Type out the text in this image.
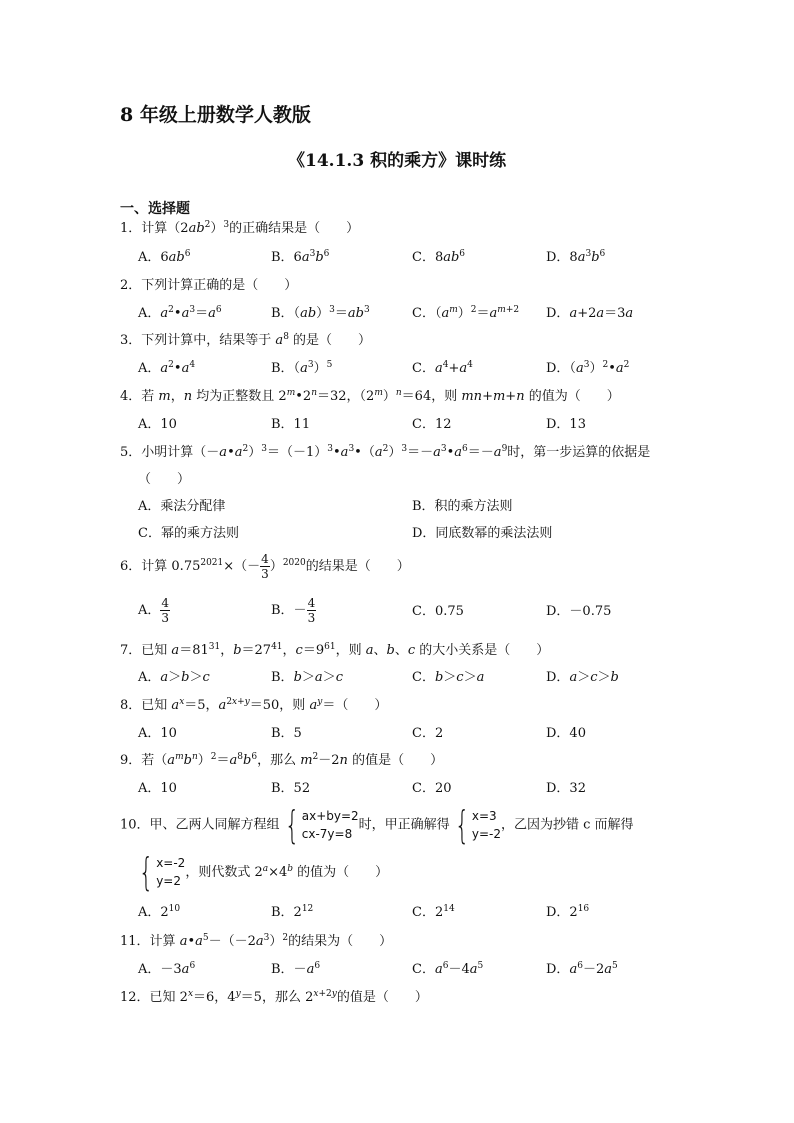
8 年级上册数学人教版
《14.1.3 积的乘方》课时练
一、选择题
1．计算$(2ab^2)^3$的正确结果是（　　）
A．$6ab^6$	B．$6a^3b^6$	C．$8ab^6$	D．$8a^3b^6$
2．下列计算正确的是（　　）
A．$a^2•a^3=a^6$	B．$(ab)^3=ab^3$	C．$(a^m)^2=a^{m+2}$ D．a+2a＝3a
3．下列计算中，结果等于 $a^8$ 的是（　　）
A．$a^2•a^4$	B．$(a^3)^5$	C．$a^4+a^4$	D．$(a^3)^2•a^2$
4．若 m，n 均为正整数且 $2^m•2^n=32$，$(2^m)^n=64$，则 mn+m+n 的值为（　　）
A．10	B．11	C．12	D．13
5．小明计算$(-a•a^2)^3=(-1)^3•a^3•(a^2)^3=-a^3•a^6=-a^9$时，第一步运算的依据是
（　　）
A．乘法分配律	B．积的乘方法则
C．幂的乘方法则	D．同底数幂的乘法法则
6．计算 $0.75^{2021}\times(- \frac{4}{3} )^{2020}$的结果是（　　）
A． $\frac{4}{3}$	B．－ $\frac{4}{3}$	C．0.75	D．－0.75
7．已知 $a=81^{31}$，$b=27^{41}$，$c=9^{61}$，则 a、b、c 的大小关系是（　　）
A．a＞b＞c	B．b＞a＞c	C．b＞c＞a	D．a＞c＞b
8．已知 $a^x=5$，$a^{2x+y}=50$，则 $a^y=$（　　）
A．10	B．5	C．2	D．40
9．若$(a^mb^n)^2=a^8b^6$，那么 $m^2-2n$ 的值是（　　）
A．10	B．52	C．20	D．32
10．甲、乙两人同解方程组 { ax+by=2
cx-7y=8
时，甲正确解得 { x=3
y=-2
，乙因为抄错 c 而解得
{ x=-2
y=2
，则代数式 $2^a\times 4^b$ 的值为（　　）
A．$2^{10}$	B．$2^{12}$	C．$2^{14}$	D．$2^{16}$
11．计算 $a•a^5-(-2a^3)^2$的结果为（　　）
A．$-3a^6$	B．$-a^6$	C．$a^6-4a^5$	D．$a^6-2a^5$
12．已知 $2^x=6$，$4^y=5$，那么 $2^{x+2y}$的值是（　　）
